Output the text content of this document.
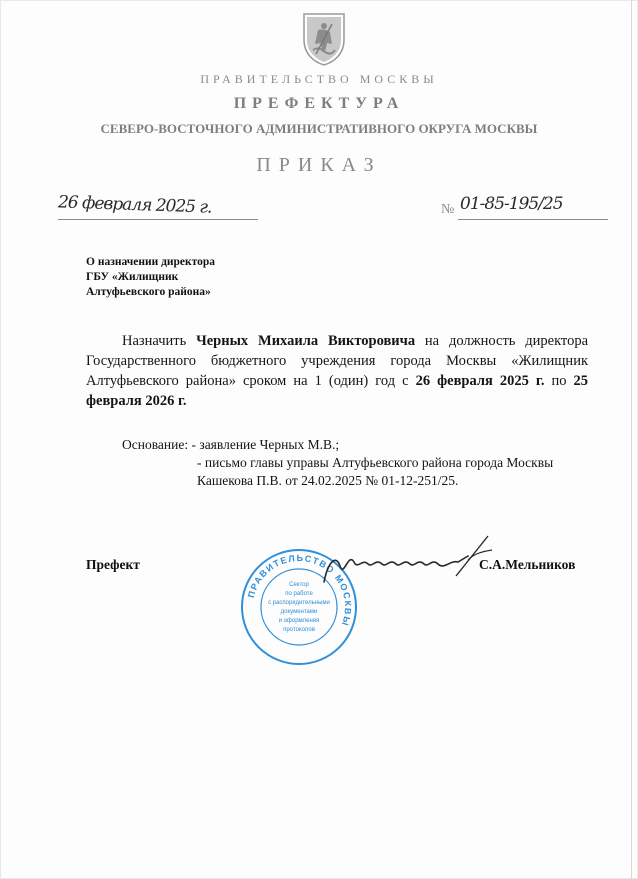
ПРАВИТЕЛЬСТВО МОСКВЫ
ПРЕФЕКТУРА
СЕВЕРО-ВОСТОЧНОГО АДМИНИСТРАТИВНОГО ОКРУГА МОСКВЫ
ПРИКАЗ
26 февраля 2025 г.	№ 01-85-195/25
О назначении директора
ГБУ «Жилищник
Алтуфьевского района»
Назначить Черных Михаила Викторовича на должность директора Государственного бюджетного учреждения города Москвы «Жилищник Алтуфьевского района» сроком на 1 (один) год с 26 февраля 2025 г. по 25 февраля 2026 г.
Основание: - заявление Черных М.В.;
- письмо главы управы Алтуфьевского района города Москвы
Кашекова П.В. от 24.02.2025 № 01-12-251/25.
Префект
ПРАВИТЕЛЬСТВО МОСКВЫ
Сектор
по работе
с распорядительными
документами
и оформления
протоколов
С.А.Мельников
